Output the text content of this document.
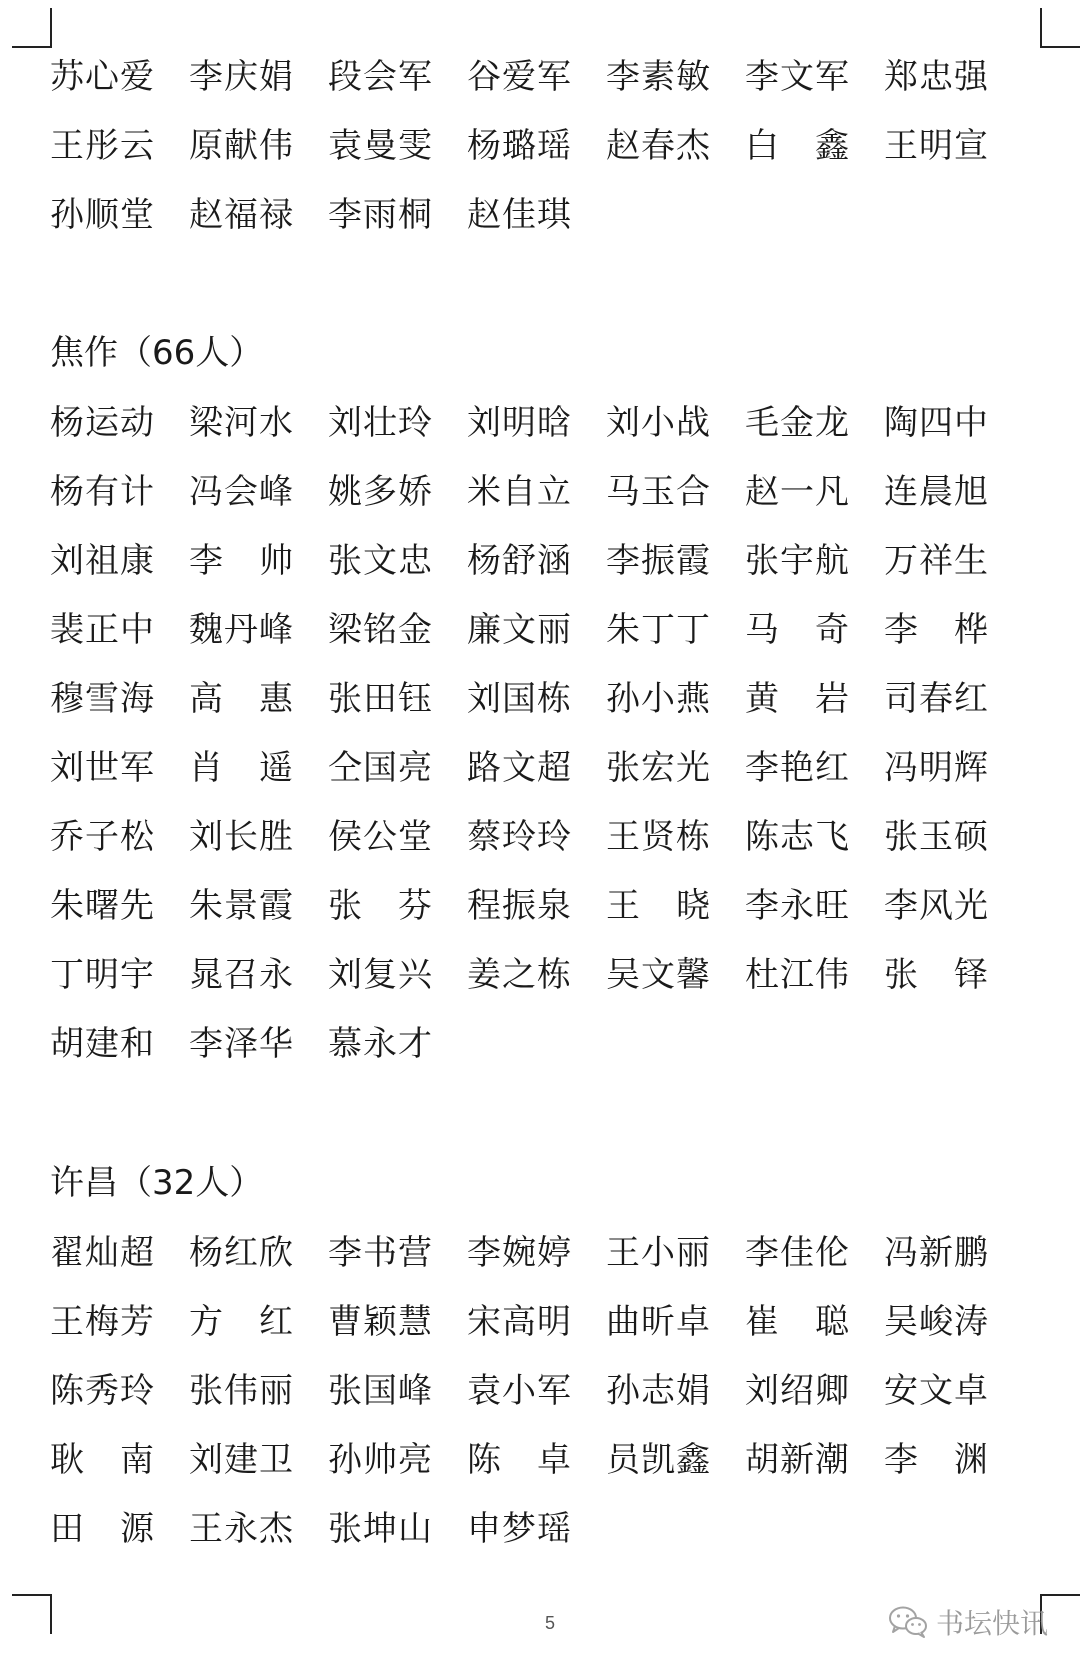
苏心爱 李庆娟 段会军 谷爱军 李素敏 李文军 郑忠强
王彤云 原献伟 袁曼雯 杨璐瑶 赵春杰 白 鑫 王明宣
孙顺堂 赵福禄 李雨桐 赵佳琪
焦作（66人）
杨运动 梁河水 刘壮玲 刘明晗 刘小战 毛金龙 陶四中
杨有计 冯会峰 姚多娇 米自立 马玉合 赵一凡 连晨旭
刘祖康 李 帅 张文忠 杨舒涵 李振霞 张宇航 万祥生
裴正中 魏丹峰 梁铭金 廉文丽 朱丁丁 马 奇 李 桦
穆雪海 高 惠 张田钰 刘国栋 孙小燕 黄 岩 司春红
刘世军 肖 遥 仝国亮 路文超 张宏光 李艳红 冯明辉
乔子松 刘长胜 侯公堂 蔡玲玲 王贤栋 陈志飞 张玉硕
朱曙先 朱景霞 张 芬 程振泉 王 晓 李永旺 李风光
丁明宇 晁召永 刘复兴 姜之栋 吴文馨 杜江伟 张 铎
胡建和 李泽华 慕永才
许昌（32人）
翟灿超 杨红欣 李书营 李婉婷 王小丽 李佳伦 冯新鹏
王梅芳 方 红 曹颖慧 宋高明 曲昕卓 崔 聪 吴峻涛
陈秀玲 张伟丽 张国峰 袁小军 孙志娟 刘绍卿 安文卓
耿 南 刘建卫 孙帅亮 陈 卓 员凯鑫 胡新潮 李 渊
田 源 王永杰 张坤山 申梦瑶
5	书坛快讯
